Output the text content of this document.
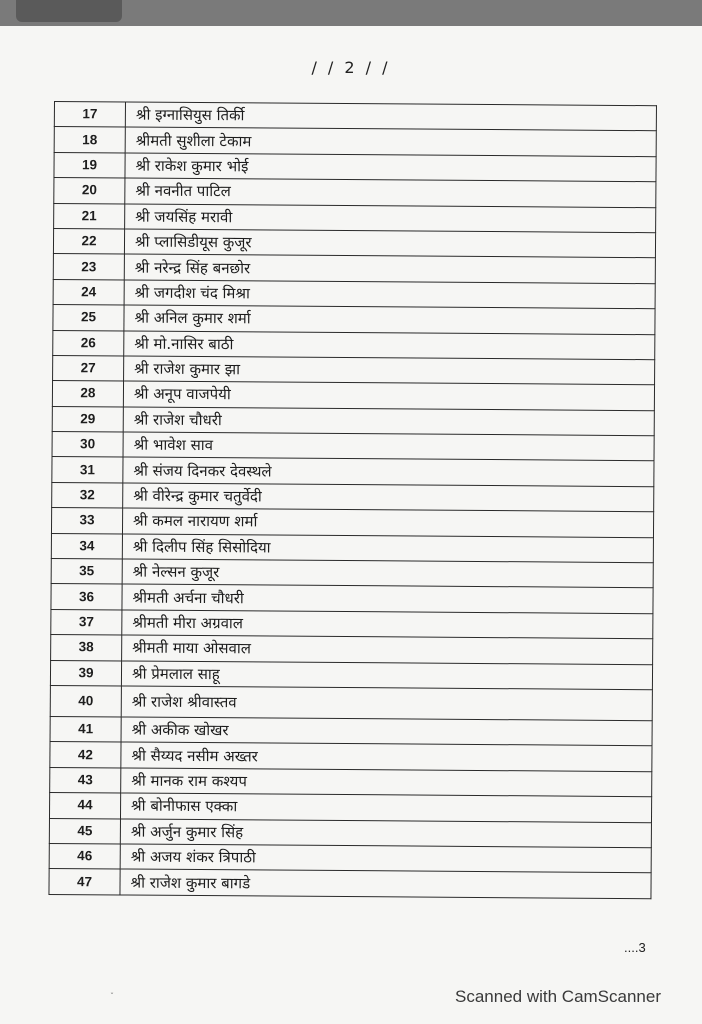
/ / 2 / /
17	श्री इग्नासियुस तिर्की
18	श्रीमती सुशीला टेकाम
19	श्री राकेश कुमार भोई
20	श्री नवनीत पाटिल
21	श्री जयसिंह मरावी
22	श्री प्लासिडीयूस कुजूर
23	श्री नरेन्द्र सिंह बनछोर
24	श्री जगदीश चंद मिश्रा
25	श्री अनिल कुमार शर्मा
26	श्री मो.नासिर बाठी
27	श्री राजेश कुमार झा
28	श्री अनूप वाजपेयी
29	श्री राजेश चौधरी
30	श्री भावेश साव
31	श्री संजय दिनकर देवस्थले
32	श्री वीरेन्द्र कुमार चतुर्वेदी
33	श्री कमल नारायण शर्मा
34	श्री दिलीप सिंह सिसोदिया
35	श्री नेल्सन कुजूर
36	श्रीमती अर्चना चौधरी
37	श्रीमती मीरा अग्रवाल
38	श्रीमती माया ओसवाल
39	श्री प्रेमलाल साहू
40	श्री राजेश श्रीवास्तव
41	श्री अकीक खोखर
42	श्री सैय्यद नसीम अख्तर
43	श्री मानक राम कश्यप
44	श्री बोनीफास एक्का
45	श्री अर्जुन कुमार सिंह
46	श्री अजय शंकर त्रिपाठी
47	श्री राजेश कुमार बागडे
....3
ˇ	Scanned with CamScanner
